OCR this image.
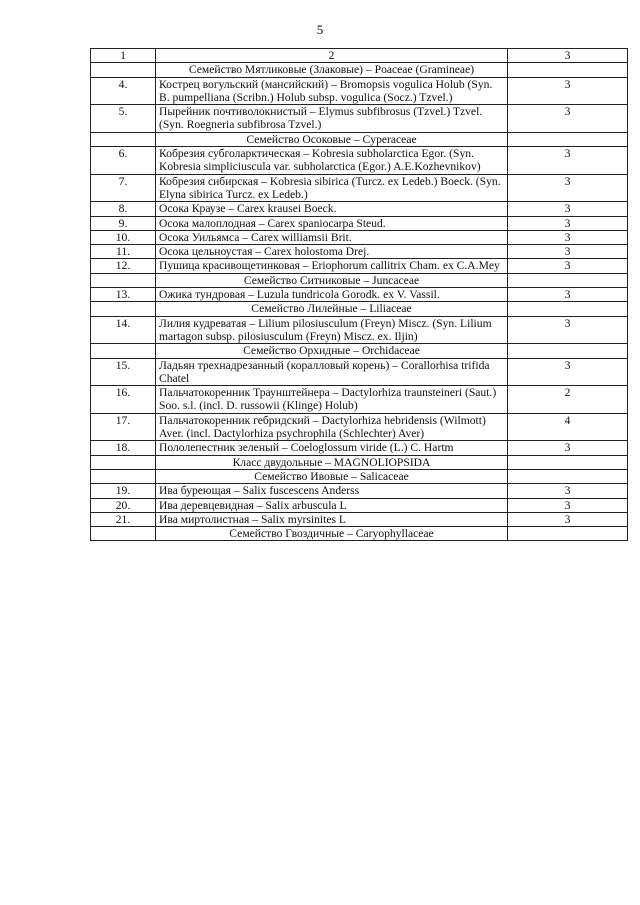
5
1	2	3
	Семейство Мятликовые (Злаковые) – Poaceae (Gramineae)	
4.	Кострец вогульский (мансийский) – Bromopsis vogulica Holub (Syn. B. pumpelliana (Scribn.) Holub subsp. vogulica (Socz.) Tzvel.)	3
5.	Пырейник почтиволокнистый – Elymus subfibrosus (Tzvel.) Tzvel. (Syn. Roegneria subfibrosa Tzvel.)	3
	Семейство Осоковые – Cyperaceae	
6.	Кобрезия субголарктическая – Kobresia subholarctica Egor. (Syn. Kobresia simpliciuscula var. subholarctica (Egor.) A.E.Kozhevnikov)	3
7.	Кобрезия сибирская – Kobresia sibirica (Turcz. ex Ledeb.) Boeck. (Syn. Elyna sibirica Turcz. ex Ledeb.)	3
8.	Осока Краузе – Carex krausei Boeck.	3
9.	Осока малоплодная – Carex spaniocarpa Steud.	3
10.	Осока Уильямса – Carex williamsii Brit.	3
11.	Осока цельноустая – Carex holostoma Drej.	3
12.	Пушица красивощетинковая – Eriophorum callitrix Cham. ex C.A.Mey	3
	Семейство Ситниковые – Juncaceae	
13.	Ожика тундровая – Luzula tundricola Gorodk. ex V. Vassil.	3
	Семейство Лилейные – Liliaceae	
14.	Лилия кудреватая – Lilium pilosiusculum (Freyn) Miscz. (Syn. Lilium martagon subsp. pilosiusculum (Freyn) Miscz. ex. Iljin)	3
	Семейство Орхидные – Orchidaceae	
15.	Ладьян трехнадрезанный (коралловый корень) – Corallorhisa trifida Chatel	3
16.	Пальчатокоренник Траунштейнера – Dactylorhiza traunsteineri (Saut.) Soo. s.l. (incl. D. russowii (Klinge) Holub)	2
17.	Пальчатокоренник гебридский – Dactylorhiza hebridensis (Wilmott) Aver. (incl. Dactylorhiza psychrophila (Schlechter) Aver)	4
18.	Пололепестник зеленый – Coeloglossum viride (L.) C. Hartm	3
	Класс двудольные – MAGNOLIOPSIDA	
	Семейство Ивовые – Salicaceae	
19.	Ива буреющая – Salix fuscescens Anderss	3
20.	Ива деревцевидная – Salix arbuscula L	3
21.	Ива миртолистная – Salix myrsinites L	3
	Семейство Гвоздичные – Caryophyllaceae	
